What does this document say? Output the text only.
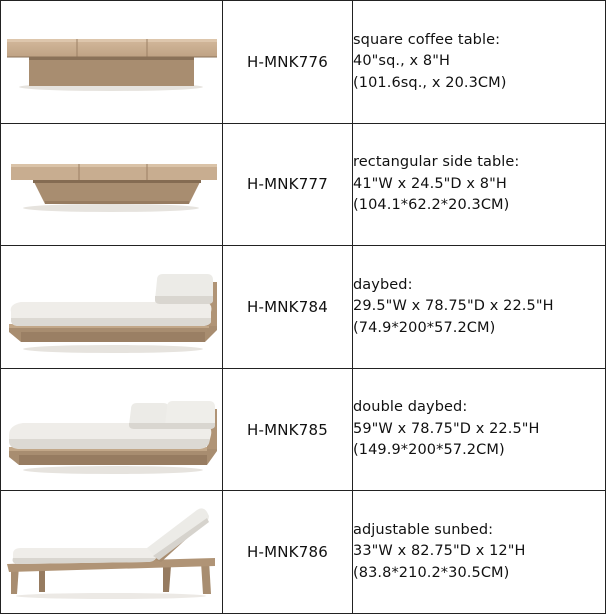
	H-MNK776	square coffee table:
40"sq., x 8"H
(101.6sq., x 20.3CM)

	H-MNK777	rectangular side table:
41"W x 24.5"D x 8"H
(104.1*62.2*20.3CM)

	H-MNK784	daybed:
29.5"W x 78.75"D x 22.5"H
(74.9*200*57.2CM)

	H-MNK785	double daybed:
59"W x 78.75"D x 22.5"H
(149.9*200*57.2CM)

	H-MNK786	adjustable sunbed:
33"W x 82.75"D x 12"H
(83.8*210.2*30.5CM)
